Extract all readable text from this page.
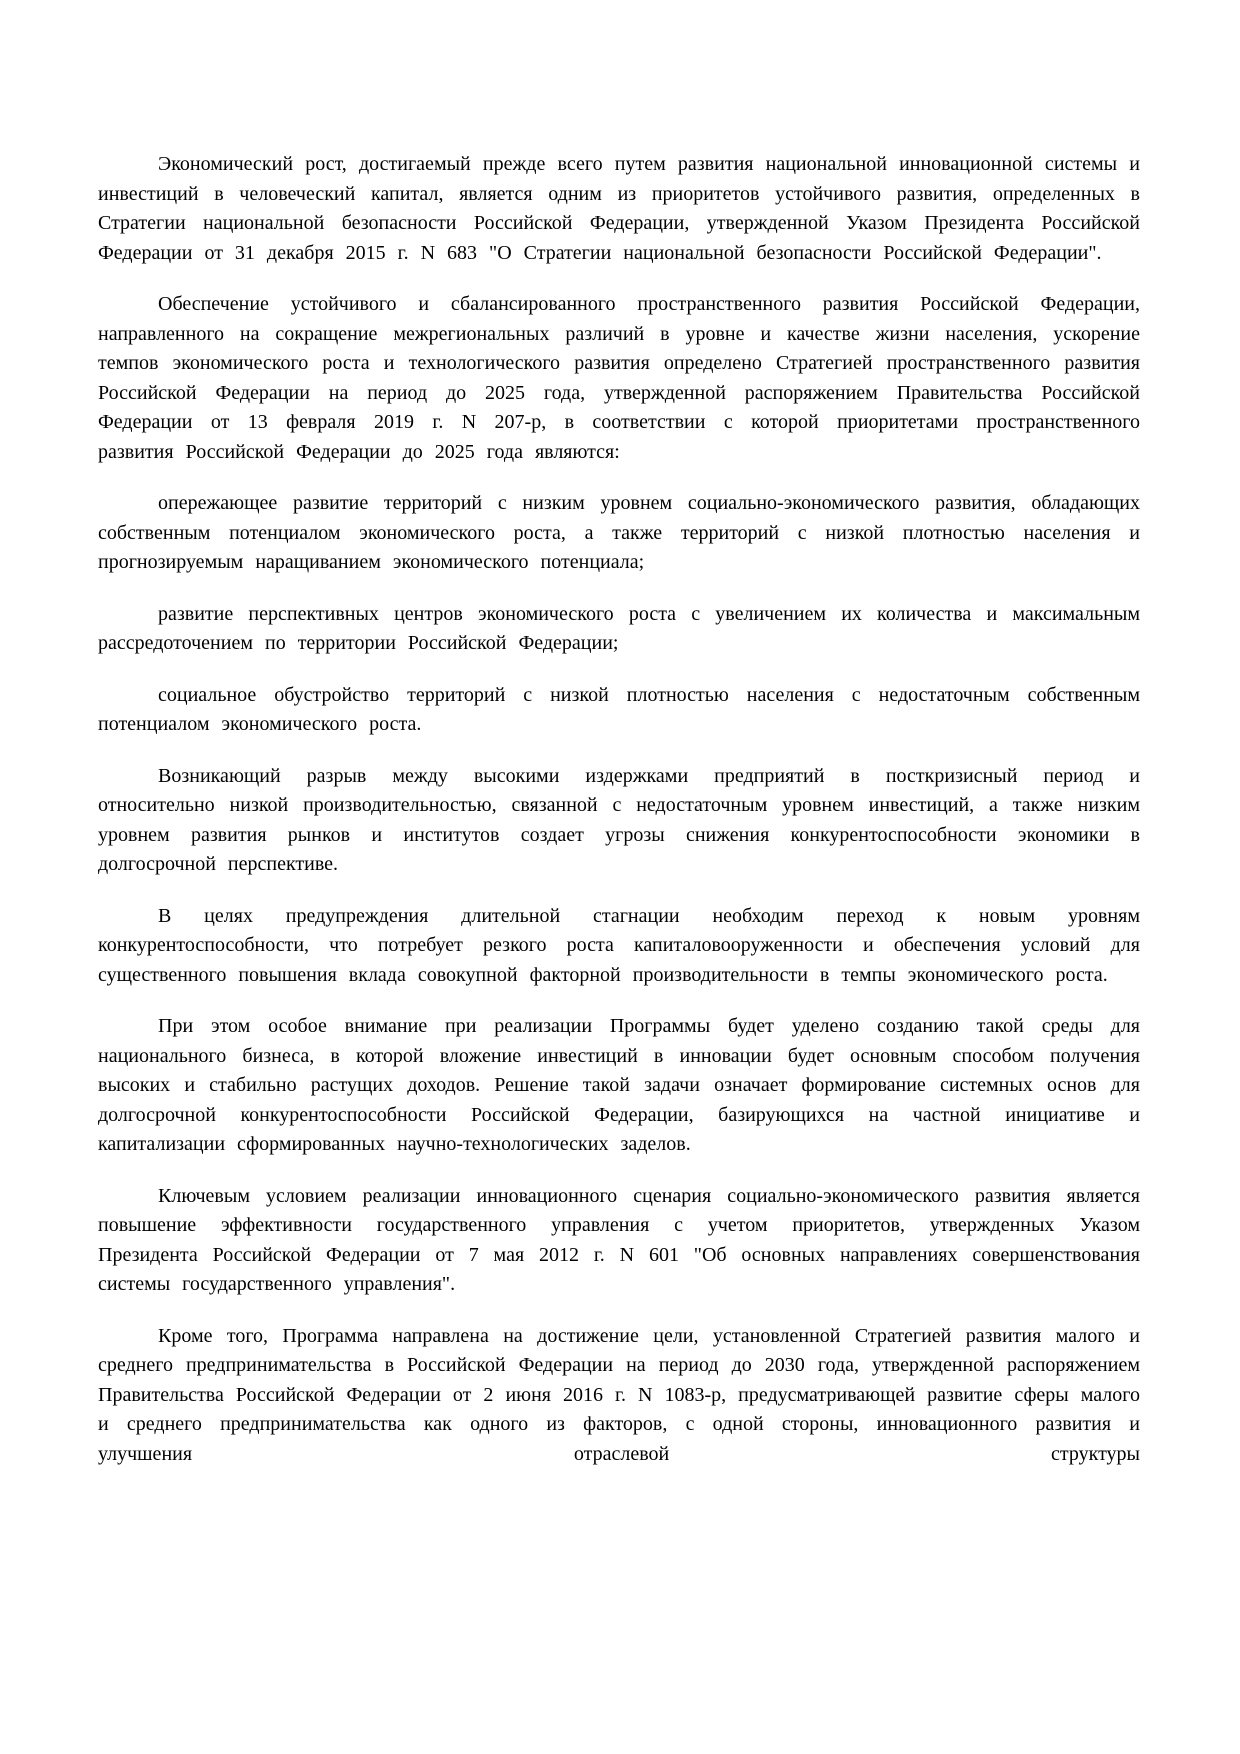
Экономический рост, достигаемый прежде всего путем развития национальной инновационной системы и инвестиций в человеческий капитал, является одним из приоритетов устойчивого развития, определенных в Стратегии национальной безопасности Российской Федерации, утвержденной Указом Президента Российской Федерации от 31 декабря 2015 г. N 683 "О Стратегии национальной безопасности Российской Федерации".

Обеспечение устойчивого и сбалансированного пространственного развития Российской Федерации, направленного на сокращение межрегиональных различий в уровне и качестве жизни населения, ускорение темпов экономического роста и технологического развития определено Стратегией пространственного развития Российской Федерации на период до 2025 года, утвержденной распоряжением Правительства Российской Федерации от 13 февраля 2019 г. N 207-р, в соответствии с которой приоритетами пространственного развития Российской Федерации до 2025 года являются:

опережающее развитие территорий с низким уровнем социально-экономического развития, обладающих собственным потенциалом экономического роста, а также территорий с низкой плотностью населения и прогнозируемым наращиванием экономического потенциала;

развитие перспективных центров экономического роста с увеличением их количества и максимальным рассредоточением по территории Российской Федерации;

социальное обустройство территорий с низкой плотностью населения с недостаточным собственным потенциалом экономического роста.

Возникающий разрыв между высокими издержками предприятий в посткризисный период и относительно низкой производительностью, связанной с недостаточным уровнем инвестиций, а также низким уровнем развития рынков и институтов создает угрозы снижения конкурентоспособности экономики в долгосрочной перспективе.

В целях предупреждения длительной стагнации необходим переход к новым уровням конкурентоспособности, что потребует резкого роста капиталовооруженности и обеспечения условий для существенного повышения вклада совокупной факторной производительности в темпы экономического роста.

При этом особое внимание при реализации Программы будет уделено созданию такой среды для национального бизнеса, в которой вложение инвестиций в инновации будет основным способом получения высоких и стабильно растущих доходов. Решение такой задачи означает формирование системных основ для долгосрочной конкурентоспособности Российской Федерации, базирующихся на частной инициативе и капитализации сформированных научно-технологических заделов.

Ключевым условием реализации инновационного сценария социально-экономического развития является повышение эффективности государственного управления с учетом приоритетов, утвержденных Указом Президента Российской Федерации от 7 мая 2012 г. N 601 "Об основных направлениях совершенствования системы государственного управления".

Кроме того, Программа направлена на достижение цели, установленной Стратегией развития малого и среднего предпринимательства в Российской Федерации на период до 2030 года, утвержденной распоряжением Правительства Российской Федерации от 2 июня 2016 г. N 1083-р, предусматривающей развитие сферы малого и среднего предпринимательства как одного из факторов, с одной стороны, инновационного развития и улучшения отраслевой структуры
